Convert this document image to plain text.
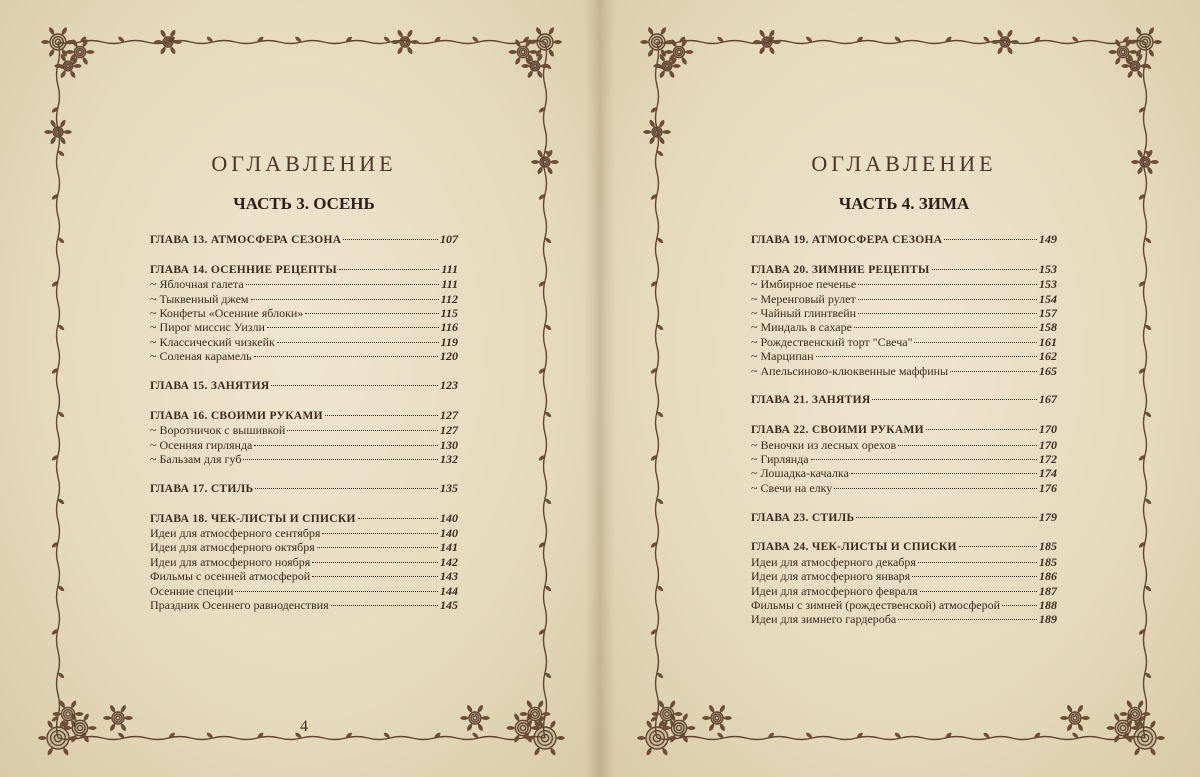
ОГЛАВЛЕНИЕ
ЧАСТЬ 3. ОСЕНЬ
ГЛАВА 13. АТМОСФЕРА СЕЗОНА	107
ГЛАВА 14. ОСЕННИЕ РЕЦЕПТЫ	111
~ Яблочная галета	111
~ Тыквенный джем	112
~ Конфеты «Осенние яблоки»	115
~ Пирог миссис Уизли	116
~ Классический чизкейк	119
~ Соленая карамель	120
ГЛАВА 15. ЗАНЯТИЯ	123
ГЛАВА 16. СВОИМИ РУКАМИ	127
~ Воротничок с вышивкой	127
~ Осенняя гирлянда	130
~ Бальзам для губ	132
ГЛАВА 17. СТИЛЬ	135
ГЛАВА 18. ЧЕК-ЛИСТЫ И СПИСКИ	140
Идеи для атмосферного сентября	140
Идеи для атмосферного октября	141
Идеи для атмосферного ноября	142
Фильмы с осенней атмосферой	143
Осенние специи	144
Праздник Осеннего равноденствия	145
4
ОГЛАВЛЕНИЕ
ЧАСТЬ 4. ЗИМА
ГЛАВА 19. АТМОСФЕРА СЕЗОНА	149
ГЛАВА 20. ЗИМНИЕ РЕЦЕПТЫ	153
~ Имбирное печенье	153
~ Меренговый рулет	154
~ Чайный глинтвейн	157
~ Миндаль в сахаре	158
~ Рождественский торт "Свеча"	161
~ Марципан	162
~ Апельсиново-клюквенные маффины	165
ГЛАВА 21. ЗАНЯТИЯ	167
ГЛАВА 22. СВОИМИ РУКАМИ	170
~ Веночки из лесных орехов	170
~ Гирлянда	172
~ Лошадка-качалка	174
~ Свечи на елку	176
ГЛАВА 23. СТИЛЬ	179
ГЛАВА 24. ЧЕК-ЛИСТЫ И СПИСКИ	185
Идеи для атмосферного декабря	185
Идеи для атмосферного января	186
Идеи для атмосферного февраля	187
Фильмы с зимней (рождественской) атмосферой	188
Идеи для зимнего гардероба	189
